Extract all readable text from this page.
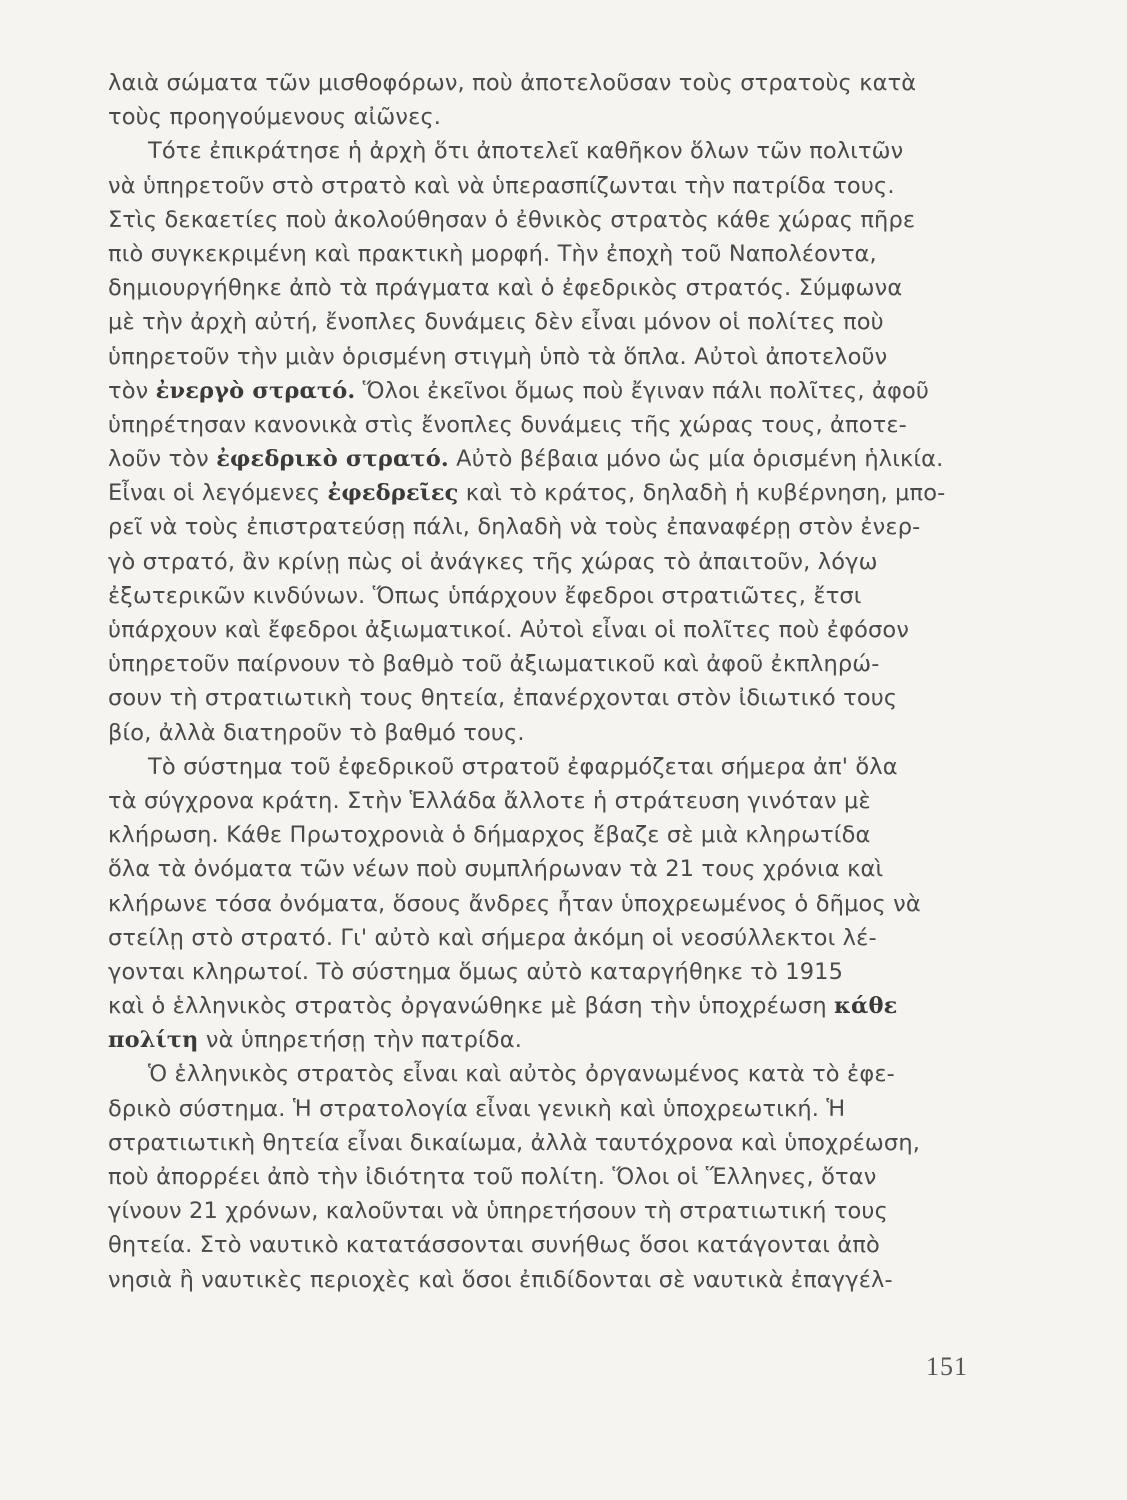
λαιὰ σώματα τῶν μισθοφόρων, ποὺ ἀποτελοῦσαν τοὺς στρατοὺς κατὰ
τοὺς προηγούμενους αἰῶνες.
Τότε ἐπικράτησε ἡ ἀρχὴ ὅτι ἀποτελεῖ καθῆκον ὅλων τῶν πολιτῶν
νὰ ὑπηρετοῦν στὸ στρατὸ καὶ νὰ ὑπερασπίζωνται τὴν πατρίδα τους.
Στὶς δεκαετίες ποὺ ἀκολούθησαν ὁ ἐθνικὸς στρατὸς κάθε χώρας πῆρε
πιὸ συγκεκριμένη καὶ πρακτικὴ μορφή. Τὴν ἐποχὴ τοῦ Ναπολέοντα,
δημιουργήθηκε ἀπὸ τὰ πράγματα καὶ ὁ ἐφεδρικὸς στρατός. Σύμφωνα
μὲ τὴν ἀρχὴ αὐτή, ἔνοπλες δυνάμεις δὲν εἶναι μόνον οἱ πολίτες ποὺ
ὑπηρετοῦν τὴν μιὰν ὁρισμένη στιγμὴ ὑπὸ τὰ ὅπλα. Αὐτοὶ ἀποτελοῦν
τὸν ἐνεργὸ στρατό. Ὅλοι ἐκεῖνοι ὅμως ποὺ ἔγιναν πάλι πολῖτες, ἀφοῦ
ὑπηρέτησαν κανονικὰ στὶς ἔνοπλες δυνάμεις τῆς χώρας τους, ἀποτε-
λοῦν τὸν ἐφεδρικὸ στρατό. Αὐτὸ βέβαια μόνο ὡς μία ὁρισμένη ἡλικία.
Εἶναι οἱ λεγόμενες ἐφεδρεῖες καὶ τὸ κράτος, δηλαδὴ ἡ κυβέρνηση, μπο-
ρεῖ νὰ τοὺς ἐπιστρατεύσῃ πάλι, δηλαδὴ νὰ τοὺς ἐπαναφέρῃ στὸν ἐνερ-
γὸ στρατό, ἂν κρίνῃ πὼς οἱ ἀνάγκες τῆς χώρας τὸ ἀπαιτοῦν, λόγω
ἐξωτερικῶν κινδύνων. Ὅπως ὑπάρχουν ἔφεδροι στρατιῶτες, ἔτσι
ὑπάρχουν καὶ ἔφεδροι ἀξιωματικοί. Αὐτοὶ εἶναι οἱ πολῖτες ποὺ ἐφόσον
ὑπηρετοῦν παίρνουν τὸ βαθμὸ τοῦ ἀξιωματικοῦ καὶ ἀφοῦ ἐκπληρώ-
σουν τὴ στρατιωτικὴ τους θητεία, ἐπανέρχονται στὸν ἰδιωτικό τους
βίο, ἀλλὰ διατηροῦν τὸ βαθμό τους.
Τὸ σύστημα τοῦ ἐφεδρικοῦ στρατοῦ ἐφαρμόζεται σήμερα ἀπ' ὅλα
τὰ σύγχρονα κράτη. Στὴν Ἑλλάδα ἄλλοτε ἡ στράτευση γινόταν μὲ
κλήρωση. Κάθε Πρωτοχρονιὰ ὁ δήμαρχος ἔβαζε σὲ μιὰ κληρωτίδα
ὅλα τὰ ὀνόματα τῶν νέων ποὺ συμπλήρωναν τὰ 21 τους χρόνια καὶ
κλήρωνε τόσα ὀνόματα, ὅσους ἄνδρες ἦταν ὑποχρεωμένος ὁ δῆμος νὰ
στείλῃ στὸ στρατό. Γι' αὐτὸ καὶ σήμερα ἀκόμη οἱ νεοσύλλεκτοι λέ-
γονται κληρωτοί. Τὸ σύστημα ὅμως αὐτὸ καταργήθηκε τὸ 1915
καὶ ὁ ἑλληνικὸς στρατὸς ὀργανώθηκε μὲ βάση τὴν ὑποχρέωση κάθε
πολίτη νὰ ὑπηρετήσῃ τὴν πατρίδα.
Ὁ ἑλληνικὸς στρατὸς εἶναι καὶ αὐτὸς ὀργανωμένος κατὰ τὸ ἐφε-
δρικὸ σύστημα. Ἡ στρατολογία εἶναι γενικὴ καὶ ὑποχρεωτική. Ἡ
στρατιωτικὴ θητεία εἶναι δικαίωμα, ἀλλὰ ταυτόχρονα καὶ ὑποχρέωση,
ποὺ ἀπορρέει ἀπὸ τὴν ἰδιότητα τοῦ πολίτη. Ὅλοι οἱ Ἕλληνες, ὅταν
γίνουν 21 χρόνων, καλοῦνται νὰ ὑπηρετήσουν τὴ στρατιωτική τους
θητεία. Στὸ ναυτικὸ κατατάσσονται συνήθως ὅσοι κατάγονται ἀπὸ
νησιὰ ἢ ναυτικὲς περιοχὲς καὶ ὅσοι ἐπιδίδονται σὲ ναυτικὰ ἐπαγγέλ-
151
